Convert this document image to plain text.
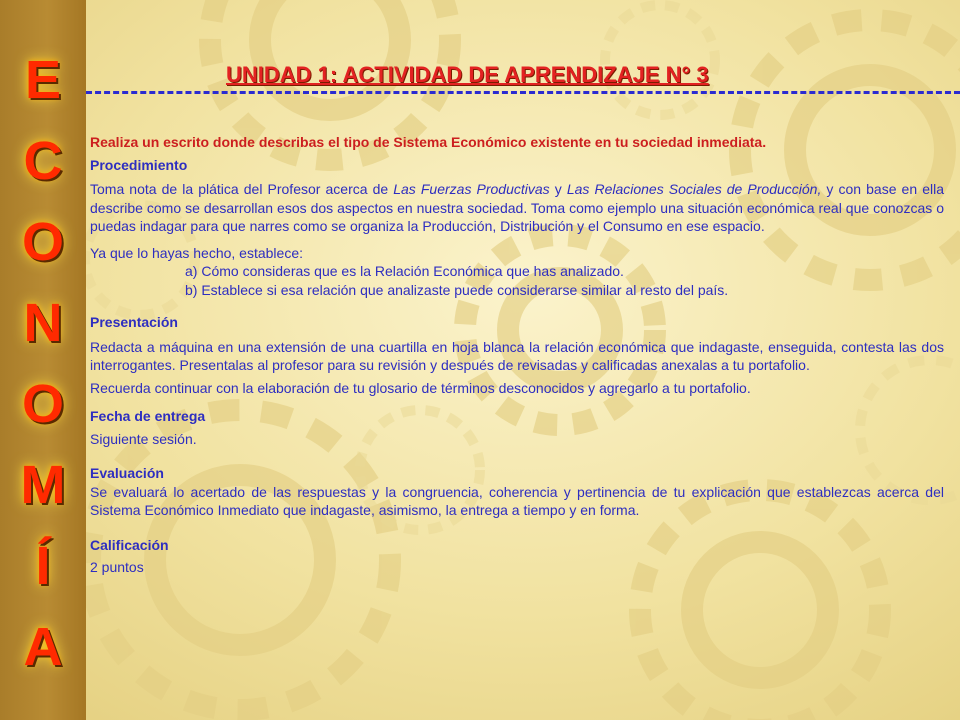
E
C
O
N
O
M
Í
A
UNIDAD 1: ACTIVIDAD DE APRENDIZAJE N° 3

Realiza un escrito donde describas el tipo de Sistema Económico existente en tu sociedad inmediata.

Procedimiento

Toma nota de la plática del Profesor acerca de Las Fuerzas Productivas y Las Relaciones Sociales de Producción, y con base en ella describe como se desarrollan esos dos aspectos en nuestra sociedad. Toma como ejemplo una situación económica real que conozcas o puedas indagar para que narres como se organiza la Producción, Distribución y el Consumo en ese espacio.

Ya que lo hayas hecho, establece:

a) Cómo consideras que es la Relación Económica que has analizado.

b) Establece si esa relación que analizaste puede considerarse similar al resto del país.

Presentación

Redacta a máquina en una extensión de una cuartilla en hoja blanca la relación económica que indagaste, enseguida, contesta las dos interrogantes. Presentalas al profesor para su revisión y después de revisadas y calificadas anexalas a tu portafolio.

Recuerda continuar con la elaboración de tu glosario de términos desconocidos y agregarlo a tu portafolio.

Fecha de entrega

Siguiente sesión.

Evaluación

Se evaluará lo acertado de las respuestas y la congruencia, coherencia y pertinencia de tu explicación que establezcas acerca del Sistema Económico Inmediato que indagaste, asimismo, la entrega a tiempo y en forma.

Calificación

2 puntos
